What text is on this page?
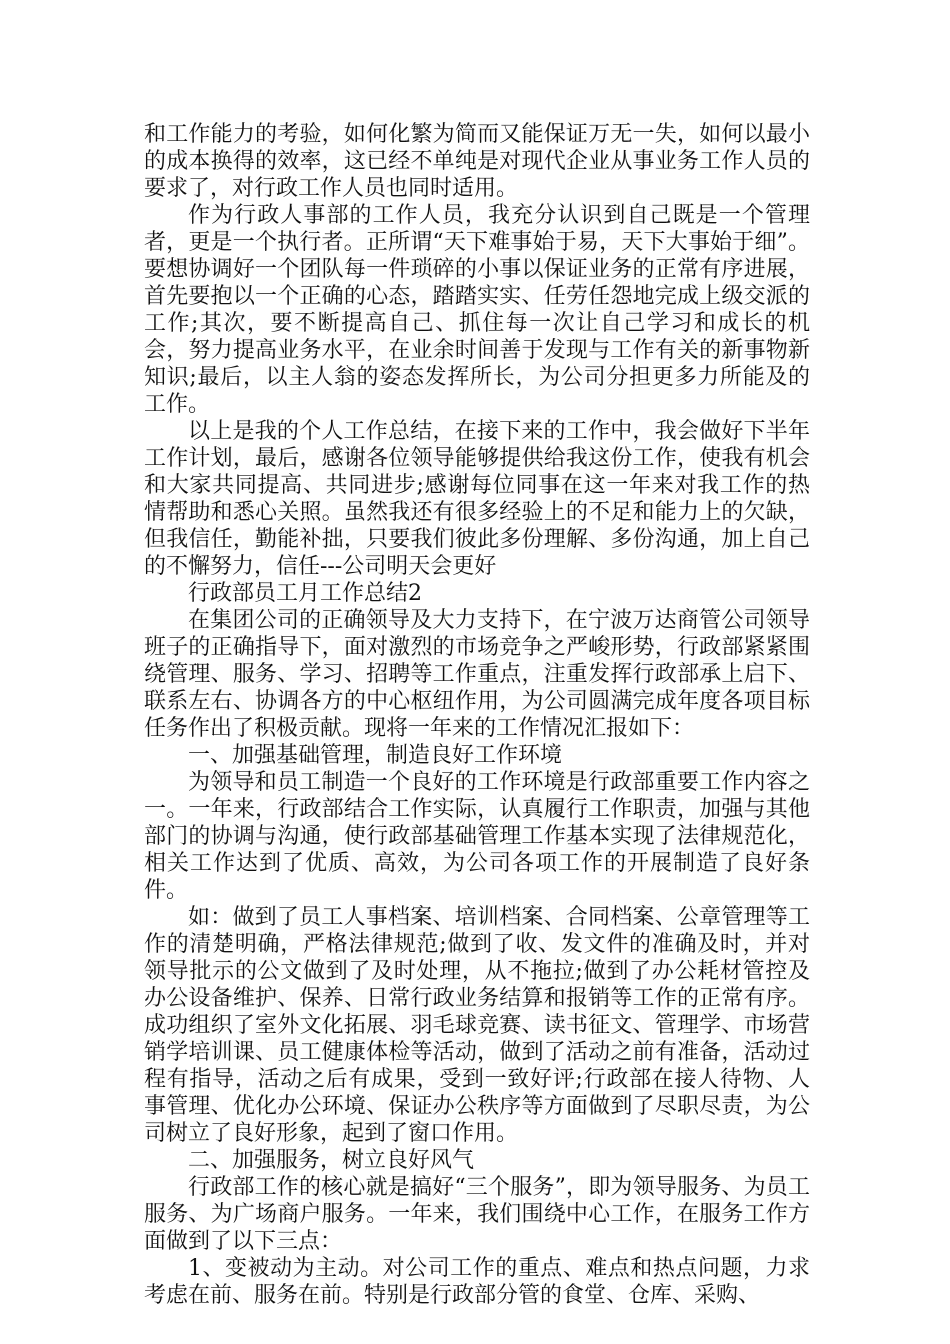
和工作能力的考验，如何化繁为简而又能保证万无一失，如何以最小的成本换得的效率，这已经不单纯是对现代企业从事业务工作人员的要求了，对行政工作人员也同时适用。

作为行政人事部的工作人员，我充分认识到自己既是一个管理者，更是一个执行者。正所谓“天下难事始于易，天下大事始于细”。要想协调好一个团队每一件琐碎的小事以保证业务的正常有序进展，首先要抱以一个正确的心态，踏踏实实、任劳任怨地完成上级交派的工作;其次，要不断提高自己、抓住每一次让自己学习和成长的机会，努力提高业务水平，在业余时间善于发现与工作有关的新事物新知识;最后，以主人翁的姿态发挥所长，为公司分担更多力所能及的工作。

以上是我的个人工作总结，在接下来的工作中，我会做好下半年工作计划，最后，感谢各位领导能够提供给我这份工作，使我有机会和大家共同提高、共同进步;感谢每位同事在这一年来对我工作的热情帮助和悉心关照。虽然我还有很多经验上的不足和能力上的欠缺，但我信任，勤能补拙，只要我们彼此多份理解、多份沟通，加上自己的不懈努力，信任---公司明天会更好

行政部员工月工作总结2

在集团公司的正确领导及大力支持下，在宁波万达商管公司领导班子的正确指导下，面对激烈的市场竞争之严峻形势，行政部紧紧围绕管理、服务、学习、招聘等工作重点，注重发挥行政部承上启下、联系左右、协调各方的中心枢纽作用，为公司圆满完成年度各项目标任务作出了积极贡献。现将一年来的工作情况汇报如下：

一、加强基础管理，制造良好工作环境

为领导和员工制造一个良好的工作环境是行政部重要工作内容之一。一年来，行政部结合工作实际，认真履行工作职责，加强与其他部门的协调与沟通，使行政部基础管理工作基本实现了法律规范化，相关工作达到了优质、高效，为公司各项工作的开展制造了良好条件。

如：做到了员工人事档案、培训档案、合同档案、公章管理等工作的清楚明确，严格法律规范;做到了收、发文件的准确及时，并对领导批示的公文做到了及时处理，从不拖拉;做到了办公耗材管控及办公设备维护、保养、日常行政业务结算和报销等工作的正常有序。成功组织了室外文化拓展、羽毛球竞赛、读书征文、管理学、市场营销学培训课、员工健康体检等活动，做到了活动之前有准备，活动过程有指导，活动之后有成果，受到一致好评;行政部在接人待物、人事管理、优化办公环境、保证办公秩序等方面做到了尽职尽责，为公司树立了良好形象，起到了窗口作用。

二、加强服务，树立良好风气

行政部工作的核心就是搞好“三个服务”，即为领导服务、为员工服务、为广场商户服务。一年来，我们围绕中心工作，在服务工作方面做到了以下三点：

1、变被动为主动。对公司工作的重点、难点和热点问题，力求考虑在前、服务在前。特别是行政部分管的食堂、仓库、采购、
